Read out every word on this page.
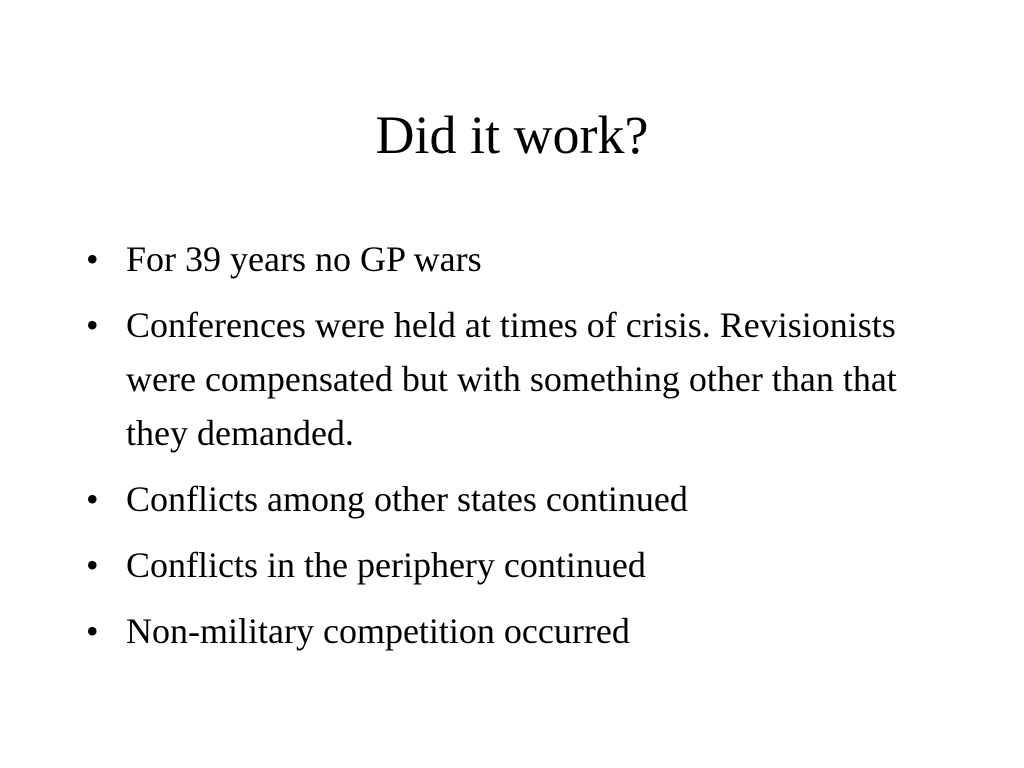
Did it work?
• For 39 years no GP wars
• Conferences were held at times of crisis. Revisionists were compensated but with something other than that they demanded.
• Conflicts among other states continued
• Conflicts in the periphery continued
• Non-military competition occurred
